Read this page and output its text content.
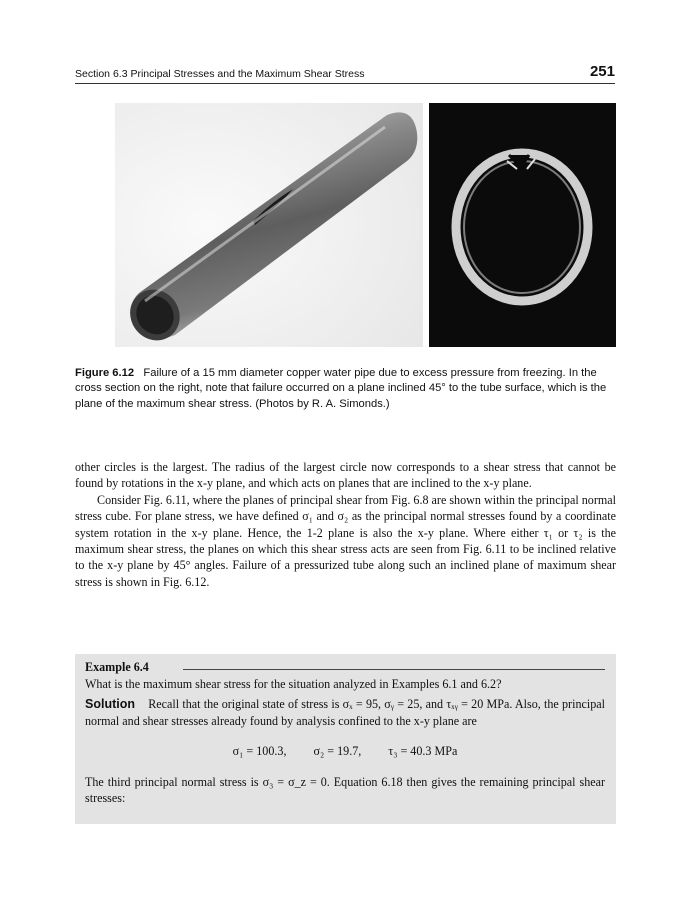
Section 6.3 Principal Stresses and the Maximum Shear Stress	251
Figure 6.12 Failure of a 15 mm diameter copper water pipe due to excess pressure from freezing. In the cross section on the right, note that failure occurred on a plane inclined 45° to the tube surface, which is the plane of the maximum shear stress. (Photos by R. A. Simonds.)

other circles is the largest. The radius of the largest circle now corresponds to a shear stress that cannot be found by rotations in the x-y plane, and which acts on planes that are inclined to the x-y plane.

Consider Fig. 6.11, where the planes of principal shear from Fig. 6.8 are shown within the principal normal stress cube. For plane stress, we have defined σ₁ and σ₂ as the principal normal stresses found by a coordinate system rotation in the x-y plane. Hence, the 1-2 plane is also the x-y plane. Where either τ₁ or τ₂ is the maximum shear stress, the planes on which this shear stress acts are seen from Fig. 6.11 to be inclined relative to the x-y plane by 45° angles. Failure of a pressurized tube along such an inclined plane of maximum shear stress is shown in Fig. 6.12.

Example 6.4
What is the maximum shear stress for the situation analyzed in Examples 6.1 and 6.2?
Solution Recall that the original state of stress is σₓ = 95, σᵧ = 25, and τₓᵧ = 20 MPa. Also, the principal normal and shear stresses already found by analysis confined to the x-y plane are
σ₁ = 100.3, σ₂ = 19.7, τ₃ = 40.3 MPa
The third principal normal stress is σ₃ = σ_z = 0. Equation 6.18 then gives the remaining principal shear stresses:
